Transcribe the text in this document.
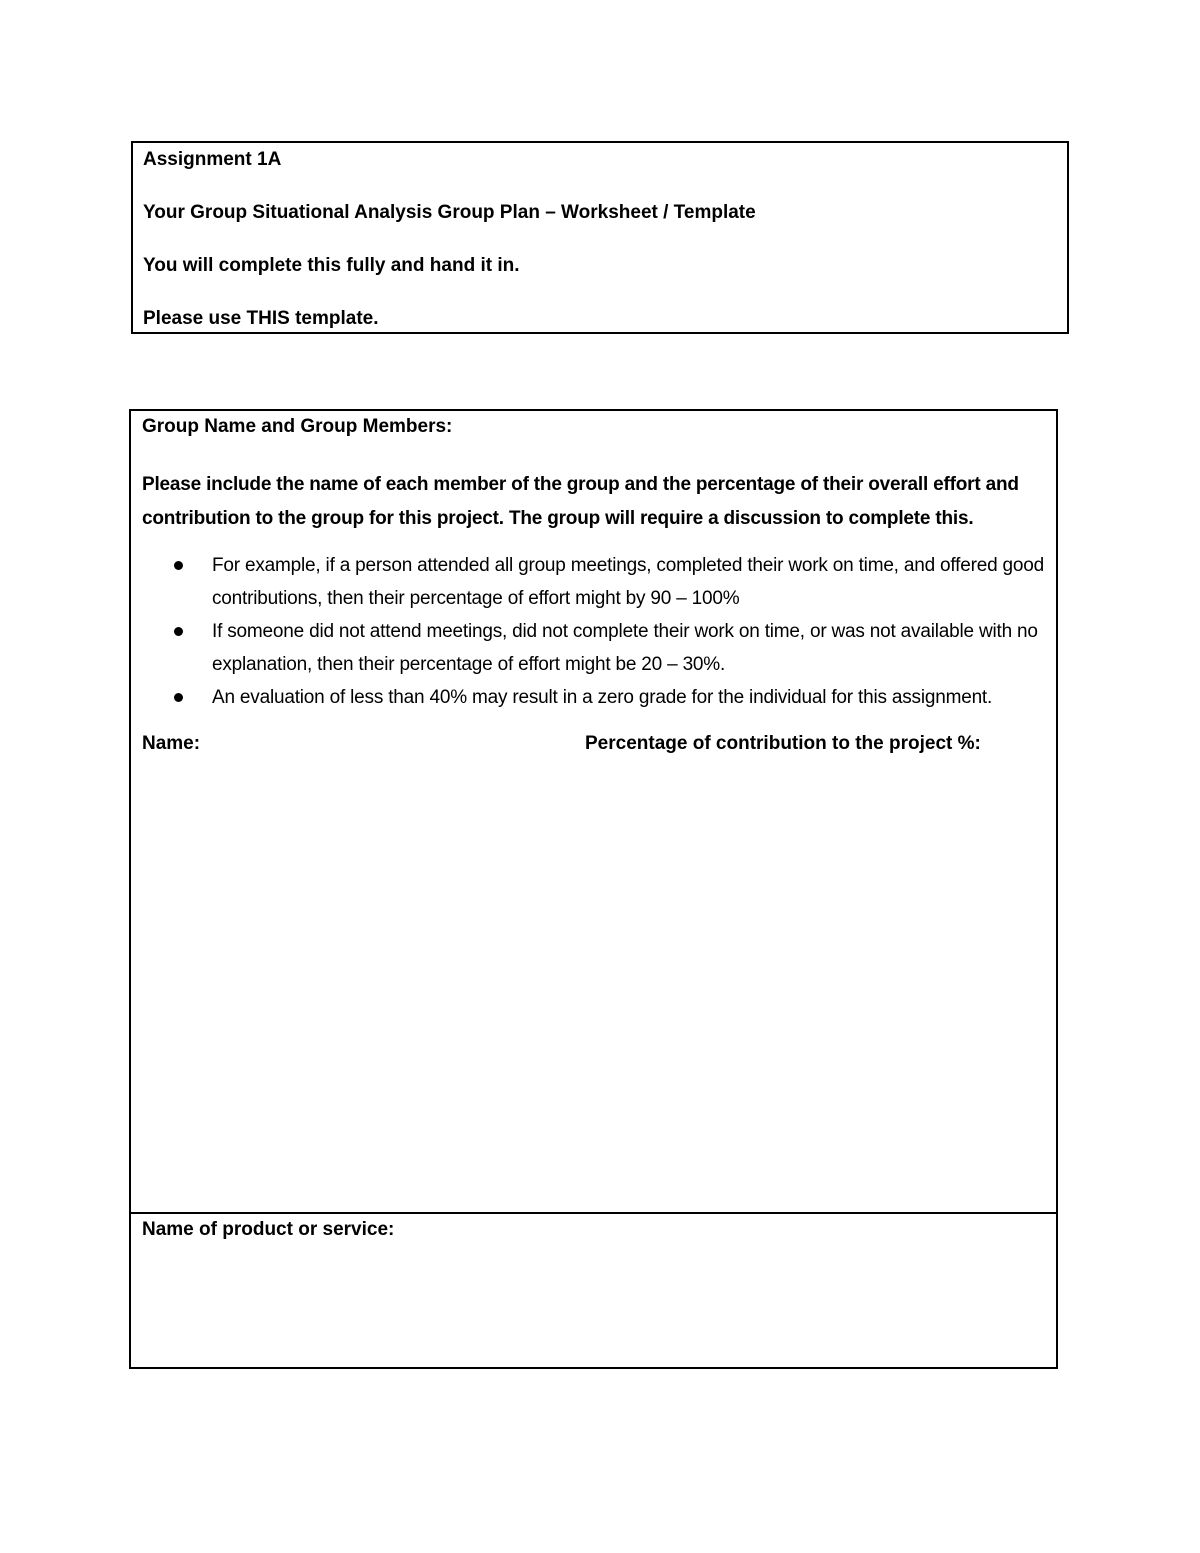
Assignment 1A

Your Group Situational Analysis Group Plan – Worksheet / Template

You will complete this fully and hand it in.

Please use THIS template.

Group Name and Group Members:

Please include the name of each member of the group and the percentage of their overall effort and contribution to the group for this project. The group will require a discussion to complete this.

For example, if a person attended all group meetings, completed their work on time, and offered good contributions, then their percentage of effort might by 90 – 100%
If someone did not attend meetings, did not complete their work on time, or was not available with no explanation, then their percentage of effort might be 20 – 30%.
An evaluation of less than 40% may result in a zero grade for the individual for this assignment.
Name:	Percentage of contribution to the project %:

Name of product or service:
